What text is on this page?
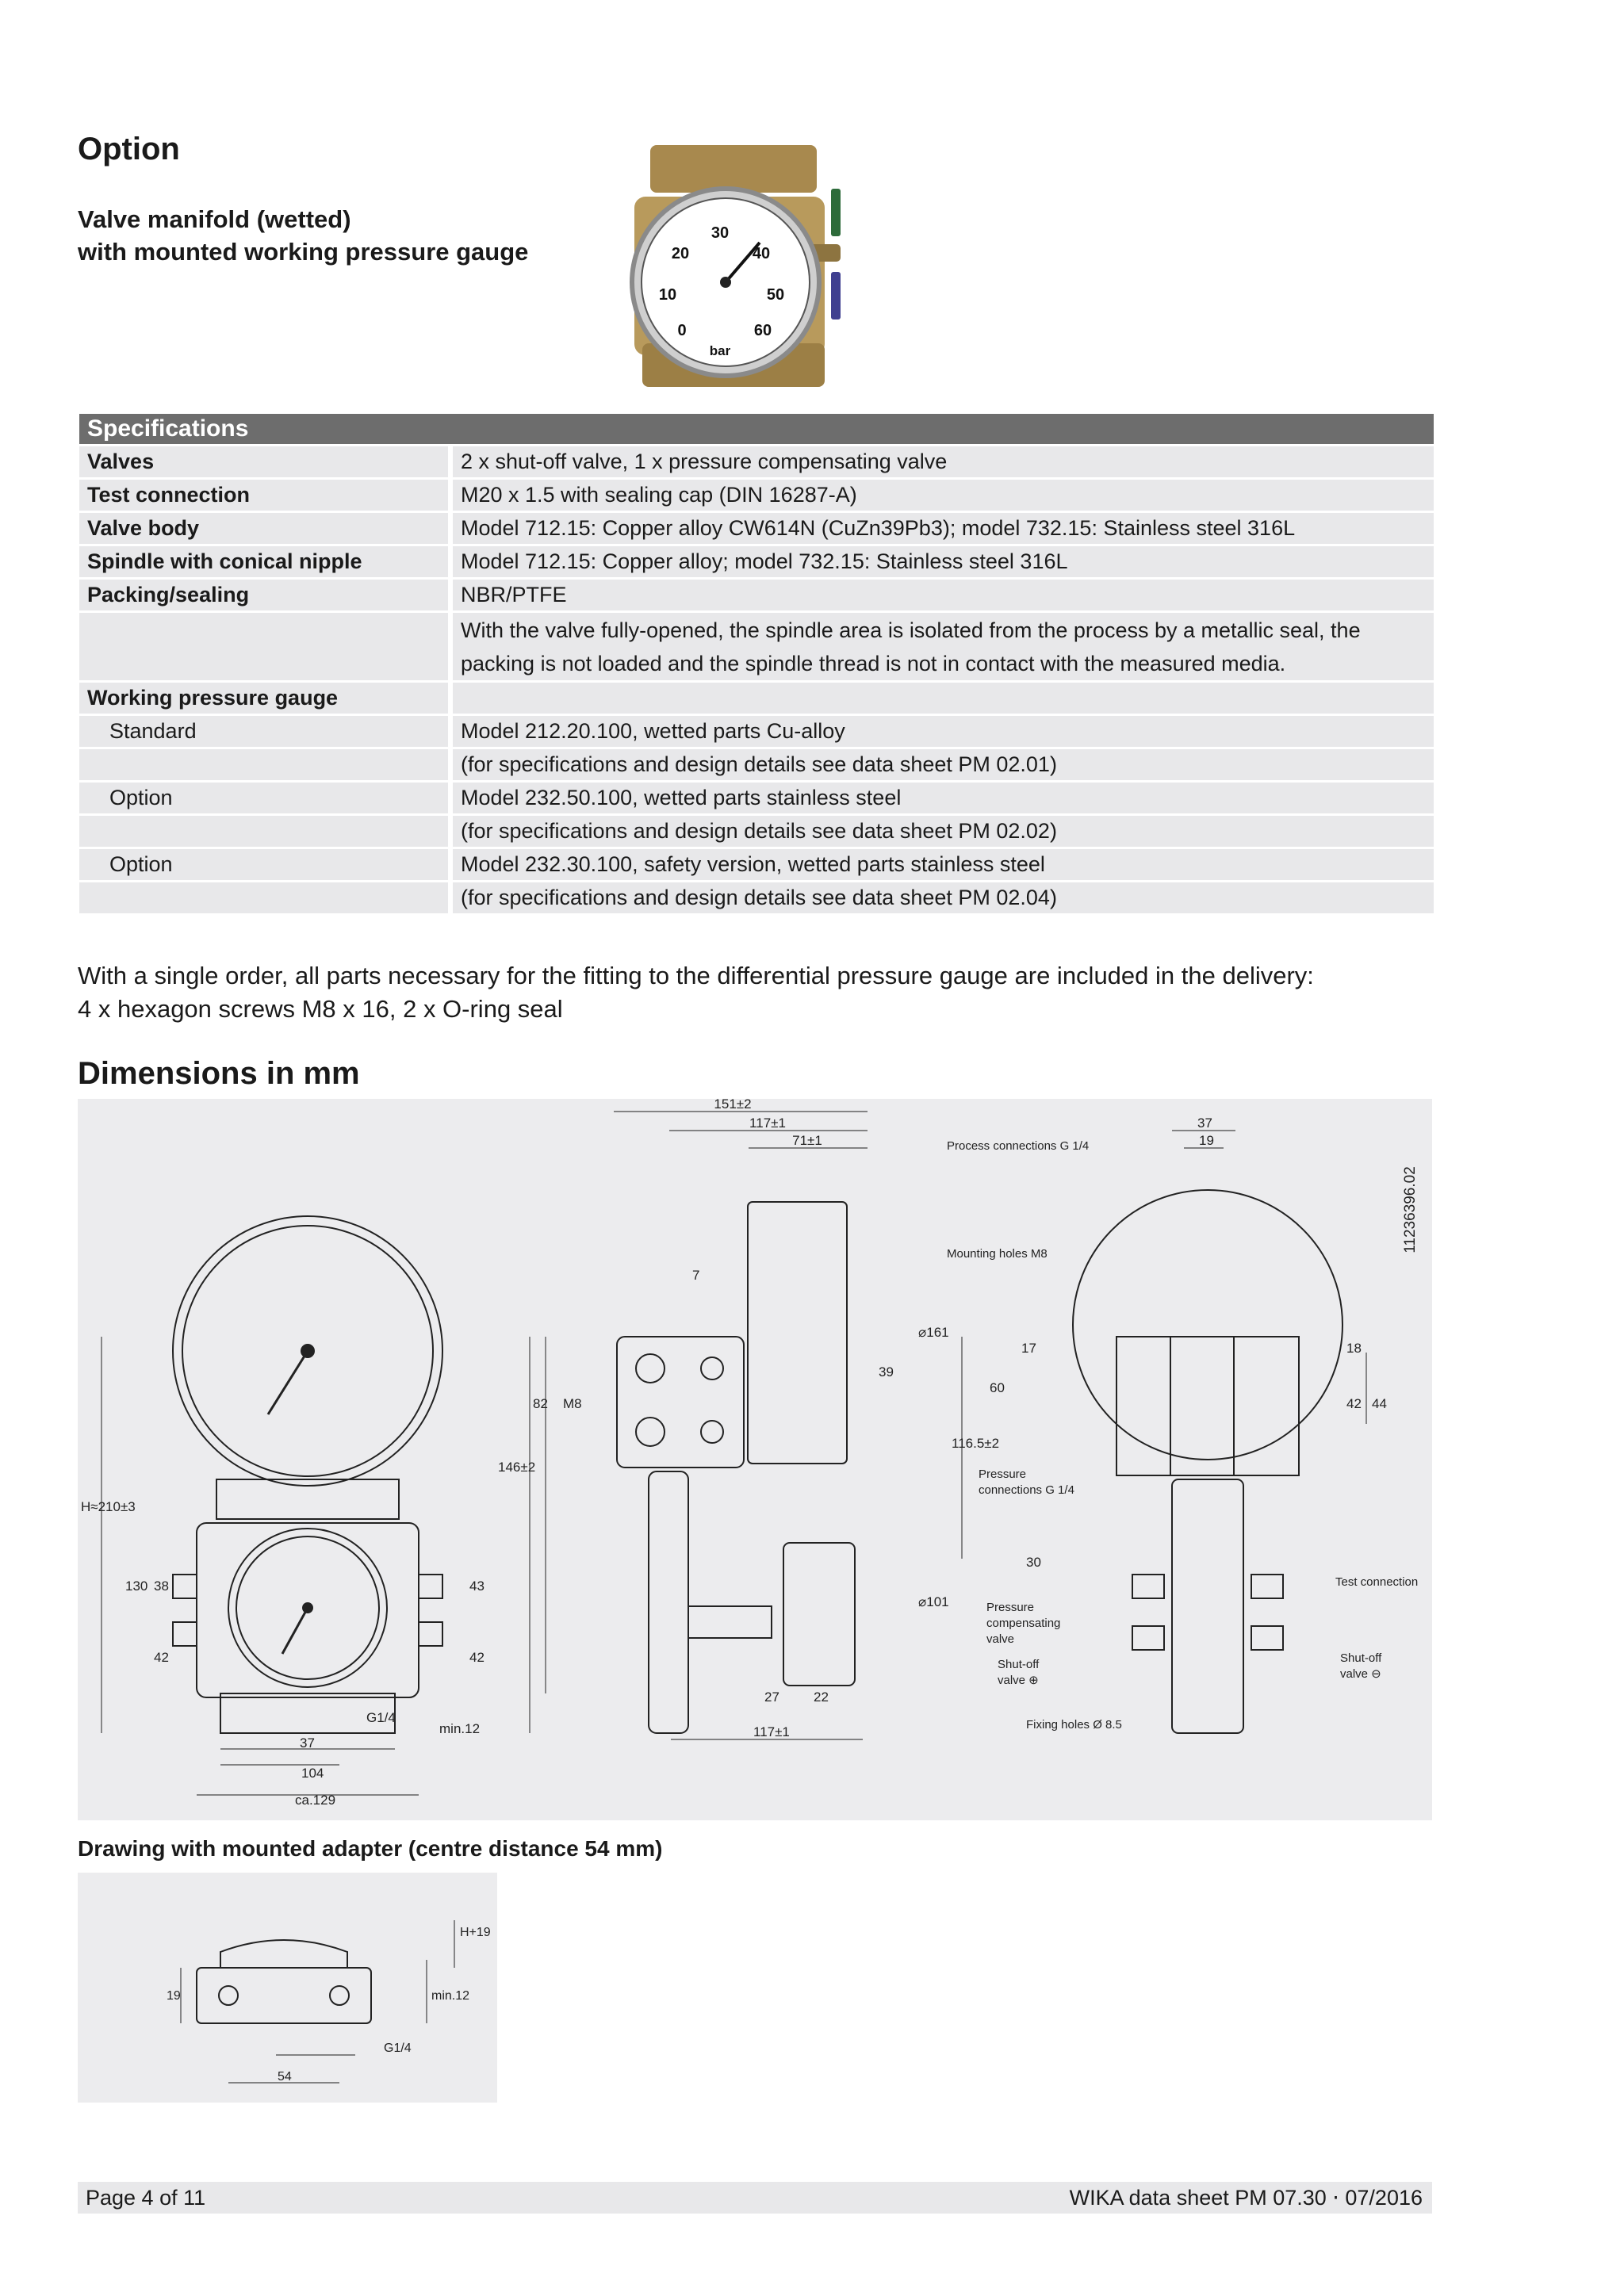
Option
Valve manifold (wetted)
with mounted working pressure gauge
0
10
20
30
40
50
60
bar
Specifications
Valves	2 x shut-off valve, 1 x pressure compensating valve
Test connection	M20 x 1.5 with sealing cap (DIN 16287-A)
Valve body	Model 712.15: Copper alloy CW614N (CuZn39Pb3); model 732.15: Stainless steel 316L
Spindle with conical nipple	Model 712.15: Copper alloy; model 732.15: Stainless steel 316L
Packing/sealing	NBR/PTFE
With the valve fully-opened, the spindle area is isolated from the process by a metallic seal, the
packing is not loaded and the spindle thread is not in contact with the measured media.
Working pressure gauge
Standard	Model 212.20.100, wetted parts Cu-alloy
(for specifications and design details see data sheet PM 02.01)
Option	Model 232.50.100, wetted parts stainless steel
(for specifications and design details see data sheet PM 02.02)
Option	Model 232.30.100, safety version, wetted parts stainless steel
(for specifications and design details see data sheet PM 02.04)
With a single order, all parts necessary for the fitting to the differential pressure gauge are included in the delivery:
4 x hexagon screws M8 x 16, 2 x O-ring seal
Dimensions in mm
151±2
117±1
71±1
7
M8
82
146±2
39
⌀161
⌀101
H≈210±3
130 38
42
43
42
min.12
G1/4
37
104
ca.129
27	22
117±1
37
19
60
17
116.5±2
30
18
42 44
11236396.02
Process connections G 1/4
Mounting holes M8
Pressure
connections G 1/4
Test connection
Pressure
compensating
valve
Shut-off
valve ⊕
Shut-off
valve ⊖
Fixing holes Ø 8.5
Drawing with mounted adapter (centre distance 54 mm)
19
H+19
min.12
G1/4
54
Page 4 of 11	WIKA data sheet PM 07.30 ⋅ 07/2016
